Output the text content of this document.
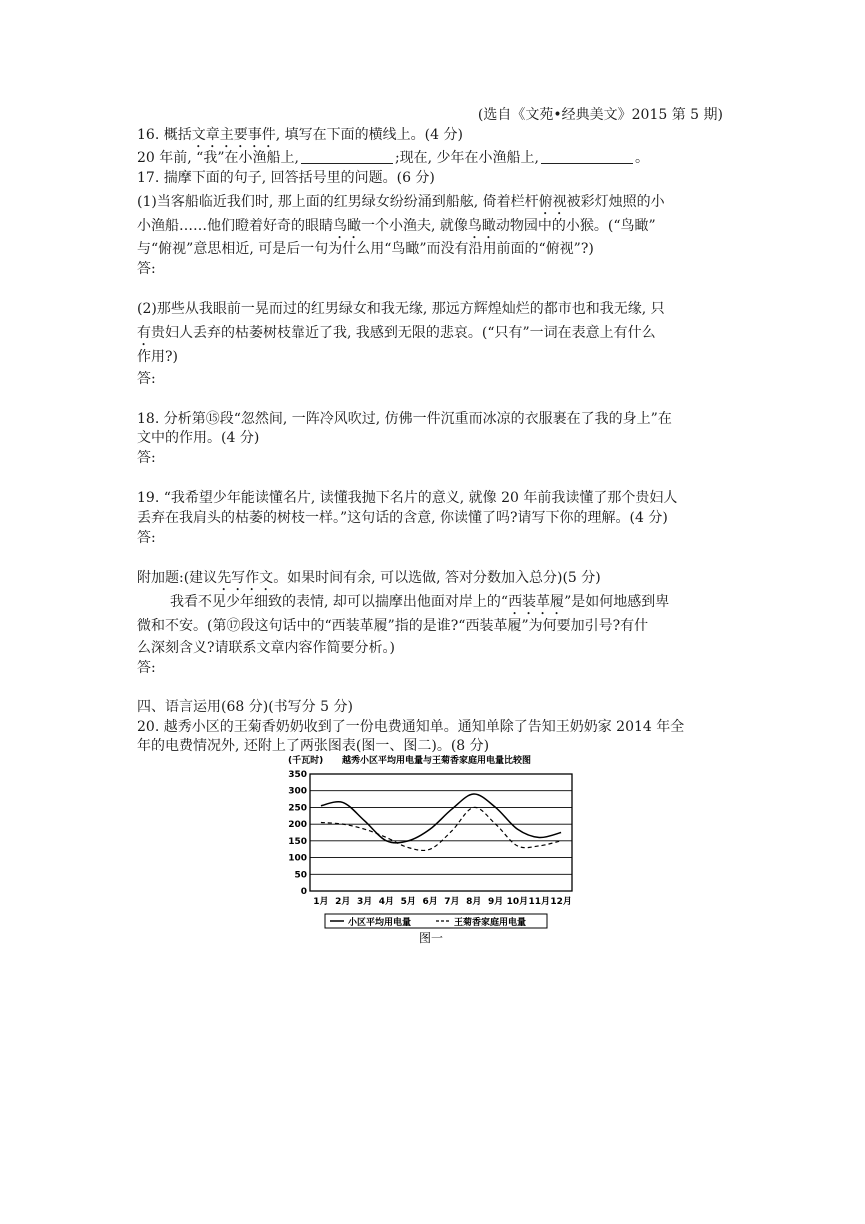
(选自《文苑•经典美文》2015 第 5 期)
16. 概括文章主要事件, 填写在下面的横线上。(4 分)
20 年前, “我”在小渔船上,	;现在, 少年在小渔船上,	。
17. 揣摩下面的句子, 回答括号里的问题。(6 分)
(1)当客船临近我们时, 那上面的红男绿女纷纷涌到船舷, 倚着栏杆俯视被彩灯烛照的小
小渔船……他们瞪着好奇的眼睛鸟瞰一个小渔夫, 就像鸟瞰动物园中的小猴。(“鸟瞰”
与“俯视”意思相近, 可是后一句为什么用“鸟瞰”而没有沿用前面的“俯视”?)
答:
(2)那些从我眼前一晃而过的红男绿女和我无缘, 那远方辉煌灿烂的都市也和我无缘, 只
有贵妇人丢弃的枯萎树枝靠近了我, 我感到无限的悲哀。(“只有”一词在表意上有什么
作用?)
答:
18. 分析第⑮段“忽然间, 一阵冷风吹过, 仿佛一件沉重而冰凉的衣服裹在了我的身上”在
文中的作用。(4 分)
答:
19. “我希望少年能读懂名片, 读懂我抛下名片的意义, 就像 20 年前我读懂了那个贵妇人
丢弃在我肩头的枯萎的树枝一样。”这句话的含意, 你读懂了吗?请写下你的理解。(4 分)
答:
附加题:(建议先写作文。如果时间有余, 可以选做, 答对分数加入总分)(5 分)
我看不见少年细致的表情, 却可以揣摩出他面对岸上的“西装革履”是如何地感到卑
微和不安。(第⑰段这句话中的“西装革履”指的是谁?“西装革履”为何要加引号?有什
么深刻含义?请联系文章内容作简要分析。)
答:
四、语言运用(68 分)(书写分 5 分)
20. 越秀小区的王菊香奶奶收到了一份电费通知单。通知单除了告知王奶奶家 2014 年全
年的电费情况外, 还附上了两张图表(图一、图二)。(8 分)
(千瓦时) 越秀小区平均用电量与王菊香家庭用电量比较图
0
50
100
150
200
250
300
350
1月 2月 3月 4月 5月 6月 7月 8月 9月 10月 11月 12月
小区平均用电量	王菊香家庭用电量
图一
